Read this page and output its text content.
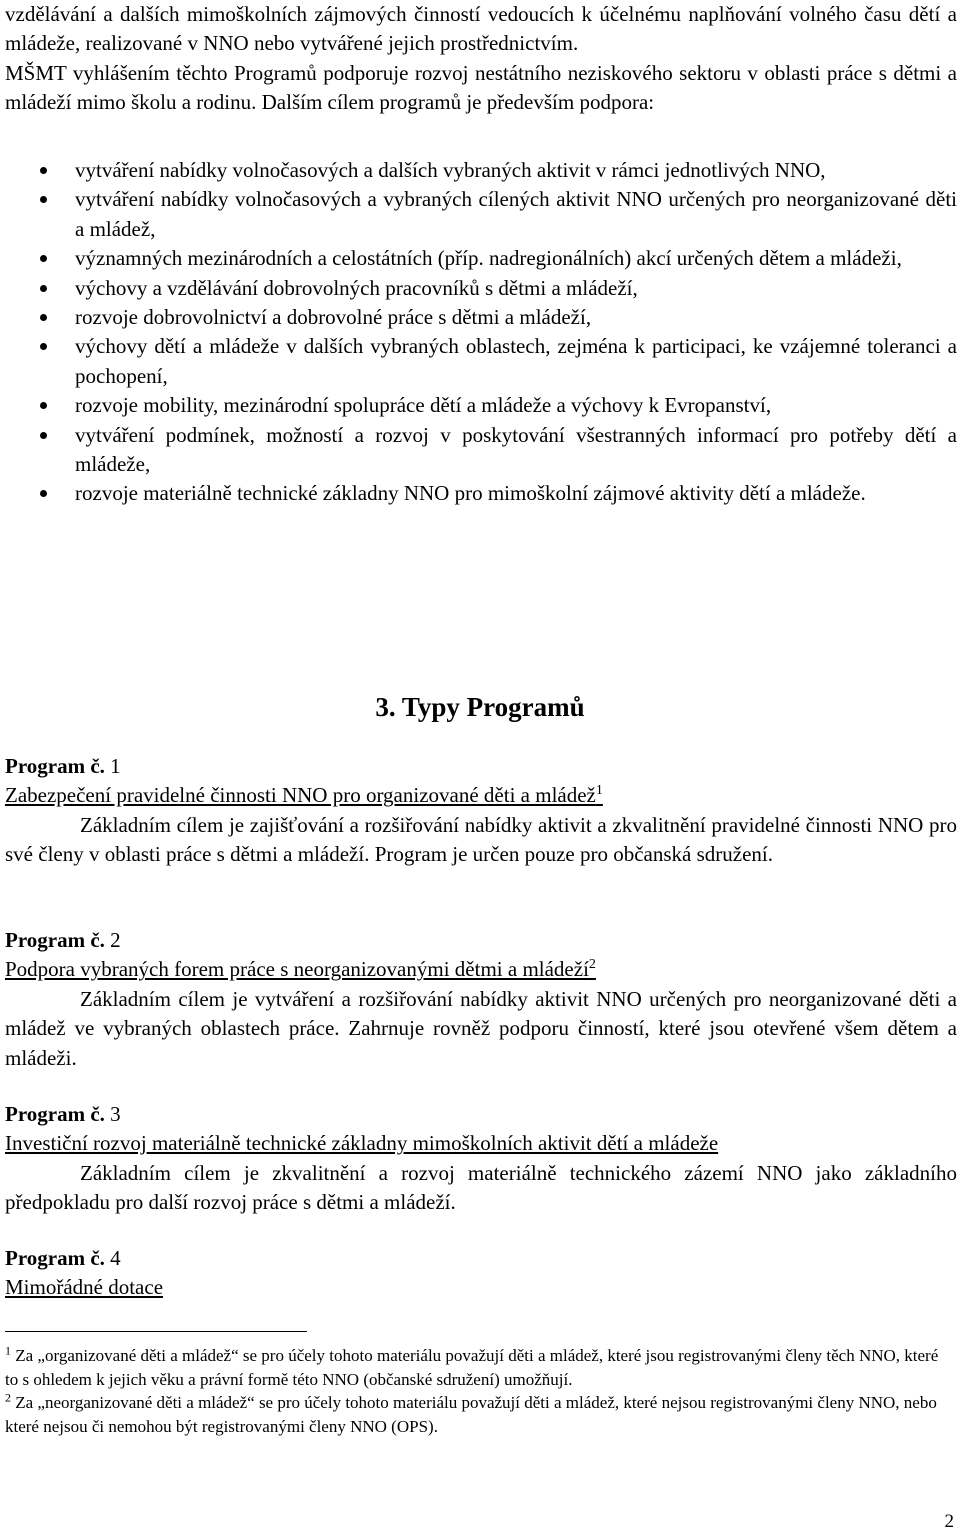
vzdělávání a dalších mimoškolních zájmových činností vedoucích k účelnému naplňování volného času dětí a mládeže, realizované v NNO nebo vytvářené jejich prostřednictvím.

MŠMT vyhlášením těchto Programů podporuje rozvoj nestátního neziskového sektoru v oblasti práce s dětmi a mládeží mimo školu a rodinu. Dalším cílem programů je především podpora:

vytváření nabídky volnočasových a dalších vybraných aktivit v rámci jednotlivých NNO,
vytváření nabídky volnočasových a vybraných cílených aktivit NNO určených pro neorganizované děti a mládež,
významných mezinárodních a celostátních (příp. nadregionálních) akcí určených dětem a mládeži,
výchovy a vzdělávání dobrovolných pracovníků s dětmi a mládeží,
rozvoje dobrovolnictví a dobrovolné práce s dětmi a mládeží,
výchovy dětí a mládeže v dalších vybraných oblastech, zejména k participaci, ke vzájemné toleranci a pochopení,
rozvoje mobility, mezinárodní spolupráce dětí a mládeže a výchovy k Evropanství,
vytváření podmínek, možností a rozvoj v poskytování všestranných informací pro potřeby dětí a mládeže,
rozvoje materiálně technické základny NNO pro mimoškolní zájmové aktivity dětí a mládeže.
3. Typy Programů

Program č. 1

Zabezpečení pravidelné činnosti NNO pro organizované děti a mládež$^1$

Základním cílem je zajišťování a rozšiřování nabídky aktivit a zkvalitnění pravidelné činnosti NNO pro své členy v oblasti práce s dětmi a mládeží. Program je určen pouze pro občanská sdružení.

Program č. 2

Podpora vybraných forem práce s neorganizovanými dětmi a mládeží$^2$

Základním cílem je vytváření a rozšiřování nabídky aktivit NNO určených pro neorganizované děti a mládež ve vybraných oblastech práce. Zahrnuje rovněž podporu činností, které jsou otevřené všem dětem a mládeži.

Program č. 3

Investiční rozvoj materiálně technické základny mimoškolních aktivit dětí a mládeže

Základním cílem je zkvalitnění a rozvoj materiálně technického zázemí NNO jako základního předpokladu pro další rozvoj práce s dětmi a mládeží.

Program č. 4

Mimořádné dotace

$^1$ Za „organizované děti a mládež“ se pro účely tohoto materiálu považují děti a mládež, které jsou registrovanými členy těch NNO, které to s ohledem k jejich věku a právní formě této NNO (občanské sdružení) umožňují.

$^2$ Za „neorganizované děti a mládež“ se pro účely tohoto materiálu považují děti a mládež, které nejsou registrovanými členy NNO, nebo které nejsou či nemohou být registrovanými členy NNO (OPS).

2
